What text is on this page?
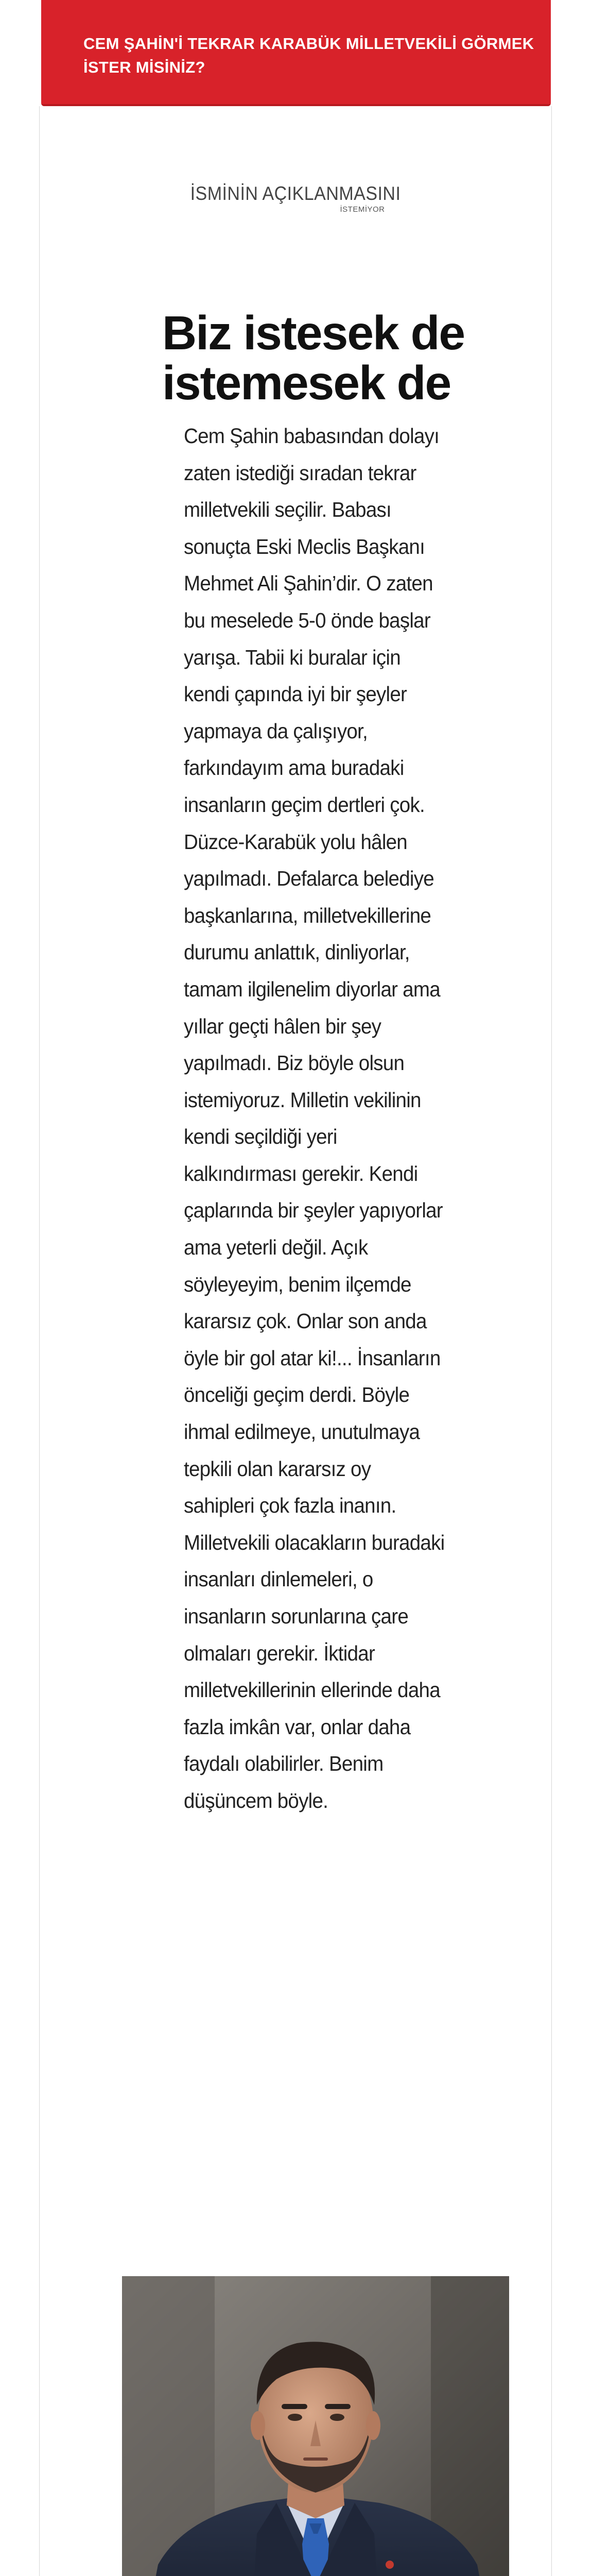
CEM ŞAHİN'İ TEKRAR KARABÜK MİLLETVEKİLİ GÖRMEK İSTER MİSİNİZ?
İSMİNİN AÇIKLANMASINI
İSTEMİYOR
Biz istesek de istemesek de

Cem Şahin babasından dolayı zaten istediği sıradan tekrar milletvekili seçilir. Babası sonuçta Eski Meclis Başkanı Mehmet Ali Şahin’dir. O zaten bu meselede 5-0 önde başlar yarışa. Tabii ki buralar için kendi çapında iyi bir şeyler yapmaya da çalışıyor, farkındayım ama buradaki insanların geçim dertleri çok. Düzce-Karabük yolu hâlen yapılmadı. Defalarca belediye başkanlarına, milletvekillerine durumu anlattık, dinliyorlar, tamam ilgilenelim diyorlar ama yıllar geçti hâlen bir şey yapılmadı. Biz böyle olsun istemiyoruz. Milletin vekilinin kendi seçildiği yeri kalkındırması gerekir. Kendi çaplarında bir şeyler yapıyorlar ama yeterli değil. Açık söyleyeyim, benim ilçemde kararsız çok. Onlar son anda öyle bir gol atar ki!... İnsanların önceliği geçim derdi. Böyle ihmal edilmeye, unutulmaya tepkili olan kararsız oy sahipleri çok fazla inanın. Milletvekili olacakların buradaki insanları dinlemeleri, o insanların sorunlarına çare olmaları gerekir. İktidar milletvekillerinin ellerinde daha fazla imkân var, onlar daha faydalı olabilirler. Benim düşüncem böyle.
